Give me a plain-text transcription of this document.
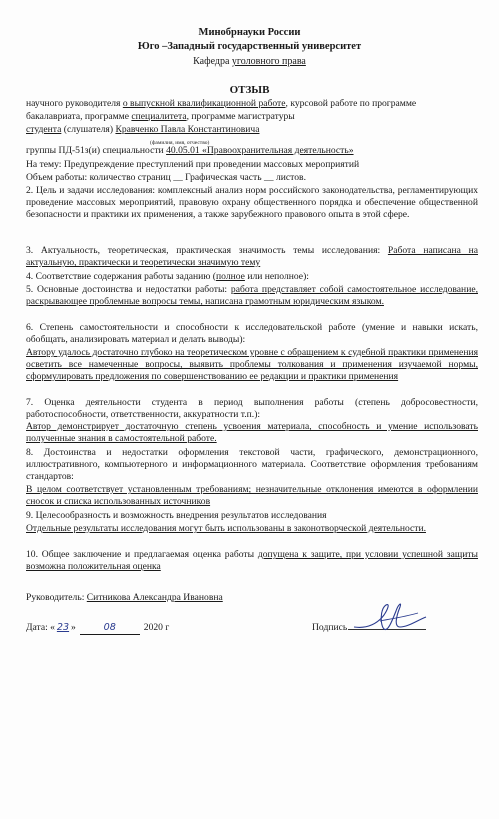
Минобрнауки России
Юго –Западный государственный университет
Кафедра уголовного права
ОТЗЫВ
научного руководителя о выпускной квалификационной работе, курсовой работе по программе
бакалавриата, программе специалитета, программе магистратуры
студента (слушателя) Кравченко Павла Константиновича
(фамилия, имя, отчество)
группы ПД-51з(и) специальности 40.05.01 «Правоохранительная деятельность»
На тему: Предупреждение преступлений при проведении массовых мероприятий
Объем работы: количество страниц __ Графическая часть __ листов.
2. Цель и задачи исследования: комплексный анализ норм российского законодательства, регламентирующих проведение массовых мероприятий, правовую охрану общественного порядка и обеспечение общественной безопасности и практики их применения, а также зарубежного правового опыта в этой сфере.
3. Актуальность, теоретическая, практическая значимость темы исследования: Работа написана на актуальную, практически и теоретически значимую тему
4. Соответствие содержания работы заданию (полное или неполное):
5. Основные достоинства и недостатки работы: работа представляет собой самостоятельное исследование, раскрывающее проблемные вопросы темы, написана грамотным юридическим языком.
6. Степень самостоятельности и способности к исследовательской работе (умение и навыки искать, обобщать, анализировать материал и делать выводы):
Автору удалось достаточно глубоко на теоретическом уровне с обращением к судебной практики применения осветить все намеченные вопросы, выявить проблемы толкования и применения изучаемой нормы, сформулировать предложения по совершенствованию ее редакции и практики применения
7. Оценка деятельности студента в период выполнения работы (степень добросовестности, работоспособности, ответственности, аккуратности т.п.):
Автор демонстрирует достаточную степень усвоения материала, способность и умение использовать полученные знания в самостоятельной работе.
8. Достоинства и недостатки оформления текстовой части, графического, демонстрационного, иллюстративного, компьютерного и информационного материала. Соответствие оформления требованиям стандартов:
В целом соответствует установленным требованиям; незначительные отклонения имеются в оформлении сносок и списка использованных источников
9. Целесообразность и возможность внедрения результатов исследования
Отдельные результаты исследования могут быть использованы в законотворческой деятельности.
10. Общее заключение и предлагаемая оценка работы допущена к защите, при условии успешной защиты возможна положительная оценка
Руководитель: Ситникова Александра Ивановна
Дата: « 23 »	08	2020 г	Подпись
